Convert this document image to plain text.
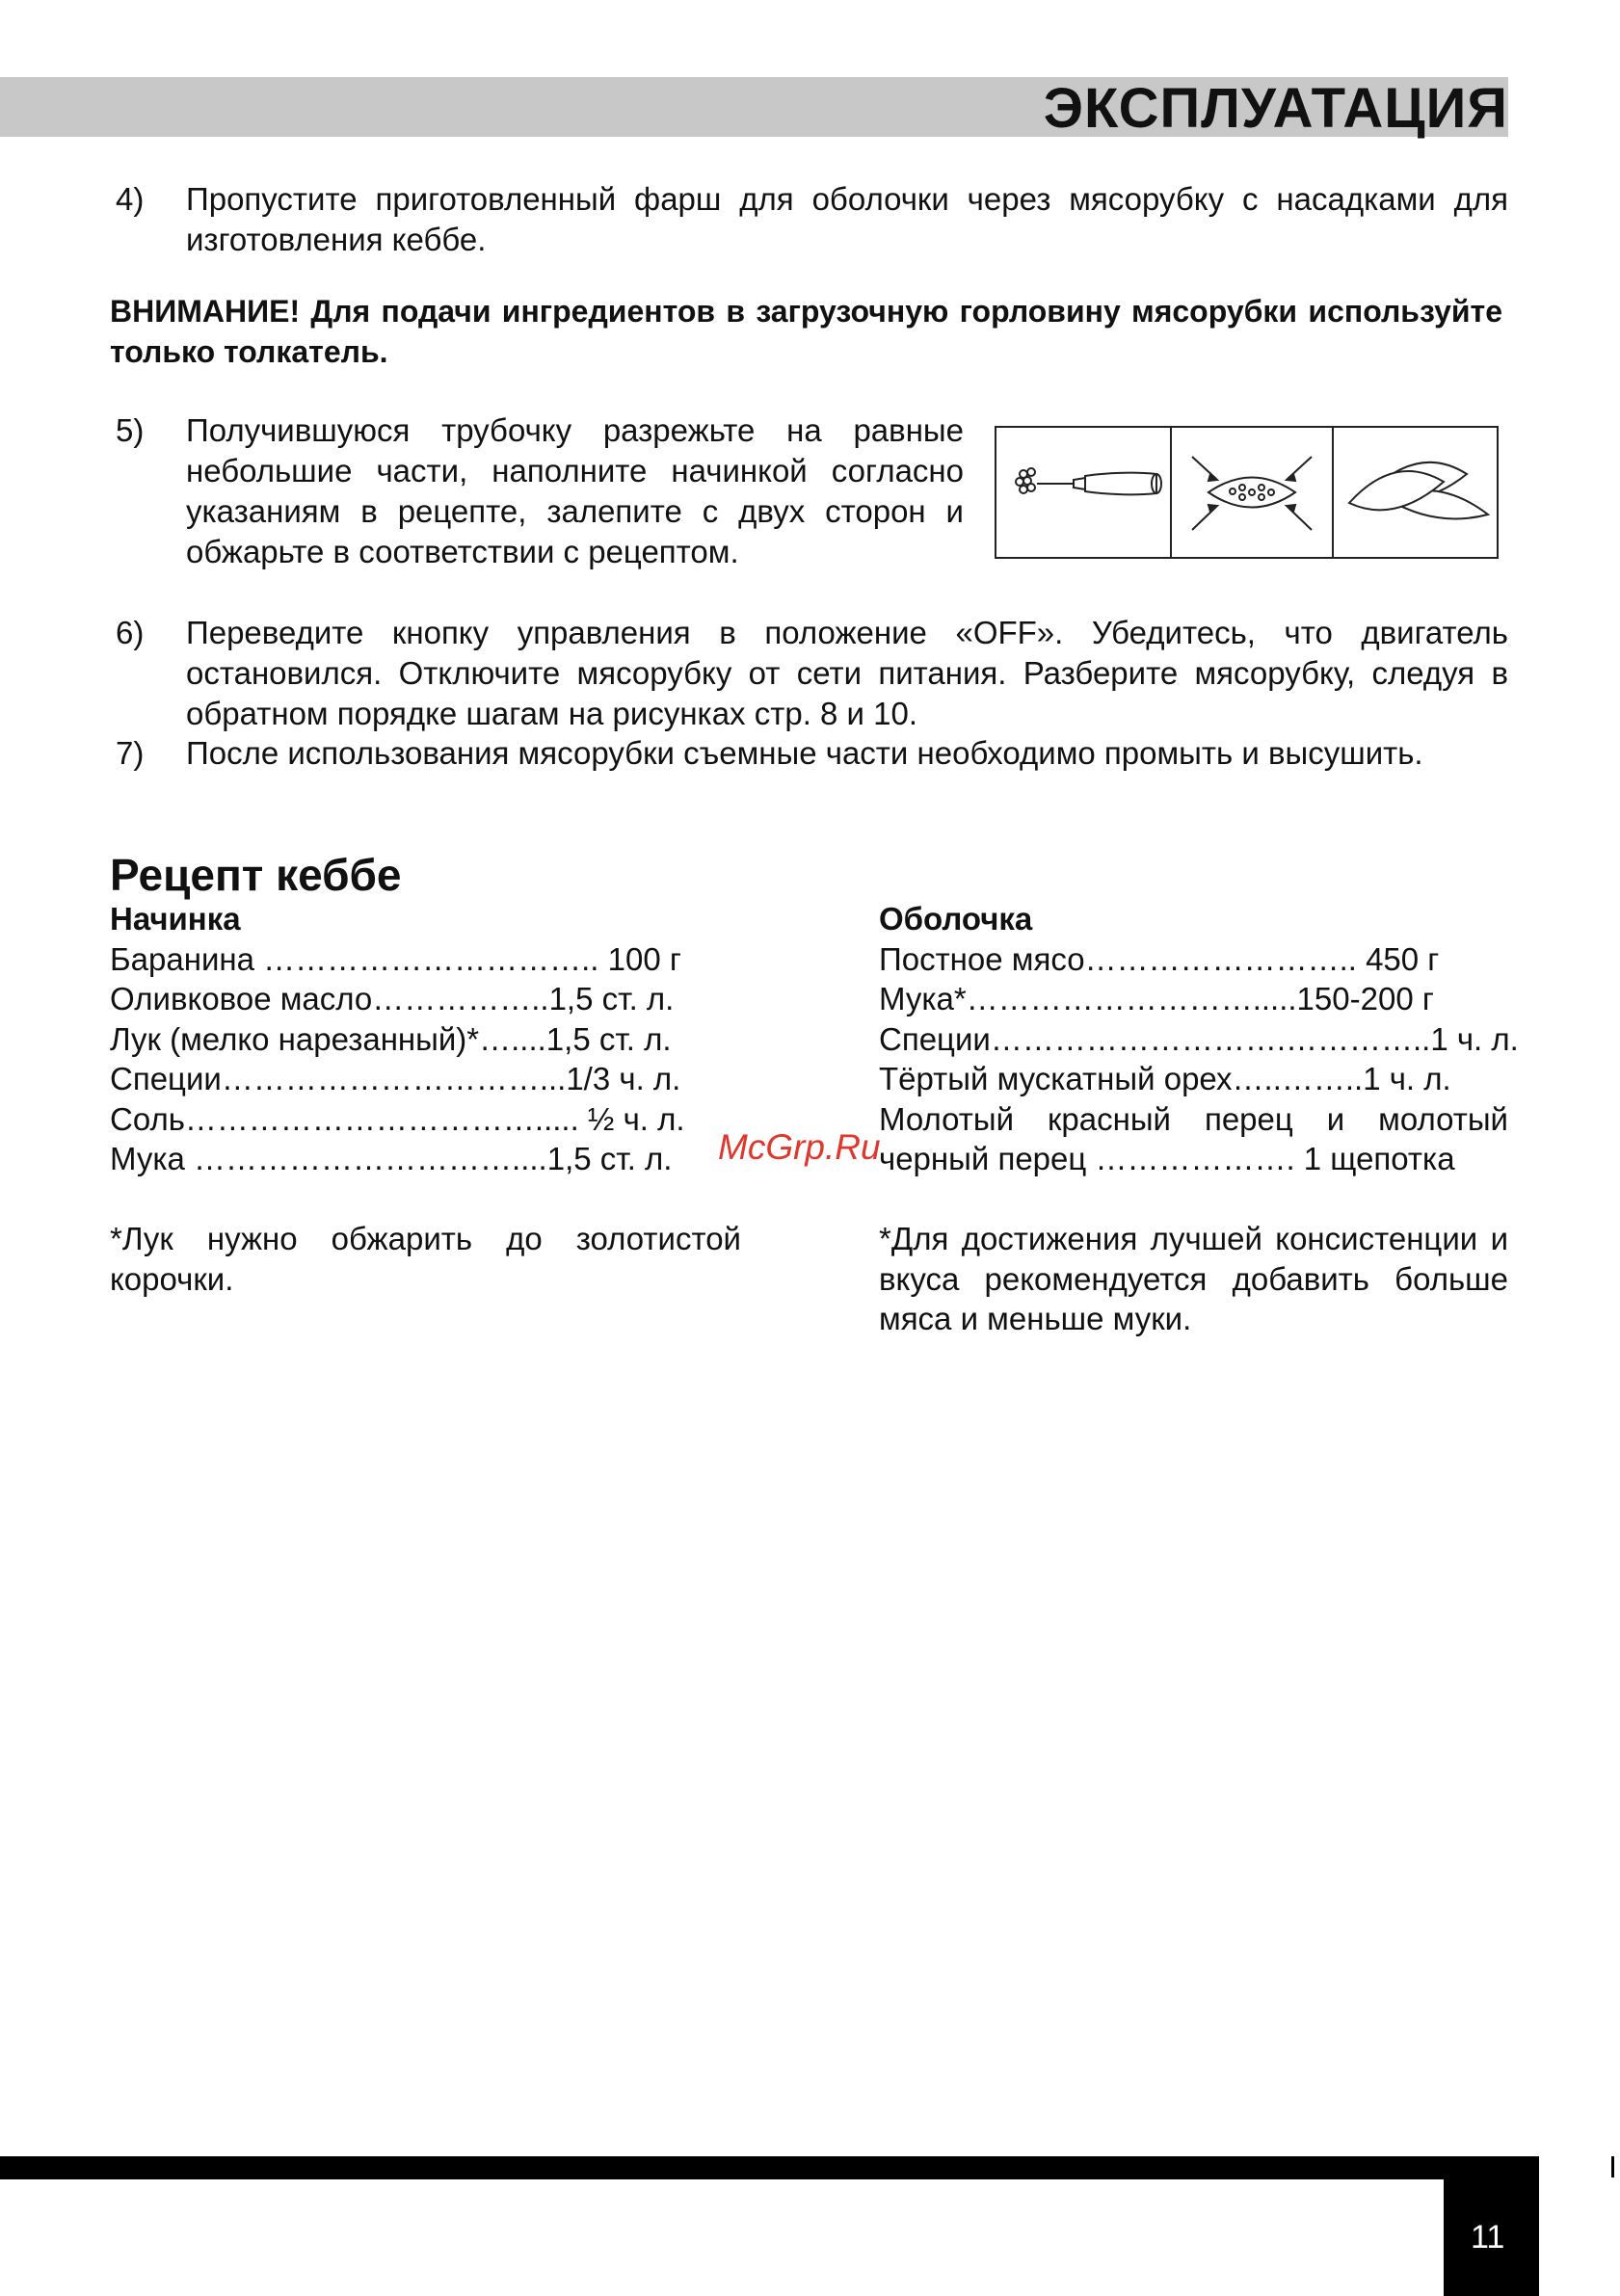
ЭКСПЛУАТАЦИЯ
4) Пропустите приготовленный фарш для оболочки через мясорубку с насадками для изготовления кеббе.
ВНИМАНИЕ! Для подачи ингредиентов в загрузочную горловину мясорубки используйте только толкатель.
5) Получившуюся трубочку разрежьте на равные небольшие части, наполните начинкой согласно указаниям в рецепте, залепите с двух сторон и обжарьте в соответствии с рецептом.
6) Переведите кнопку управления в положение «OFF». Убедитесь, что двигатель остановился. Отключите мясорубку от сети питания. Разберите мясорубку, следуя в обратном порядке шагам на рисунках стр. 8 и 10.
7) После использования мясорубки съемные части необходимо промыть и высушить.
Рецепт кеббе
Начинка
Баранина ………………………….. 100 г
Оливковое масло……………..1,5 ст. л.
Лук (мелко нарезанный)*…....1,5 ст. л.
Специи…………………………...1/3 ч. л.
Соль……………………………..... ½ ч. л.
Мука …………………………....1,5 ст. л.
*Лук нужно обжарить до золотистой корочки.
Оболочка
Постное мясо…………………….. 450 г
Мука*……………………….....150-200 г
Специи……………………….…………..1 ч. л.
Тёртый мускатный орех…..……..1 ч. л.
Молотый красный перец и молотый
черный перец ………………. 1 щепотка
*Для достижения лучшей консистенции и вкуса рекомендуется добавить больше мяса и меньше муки.
McGrp.Ru
11
